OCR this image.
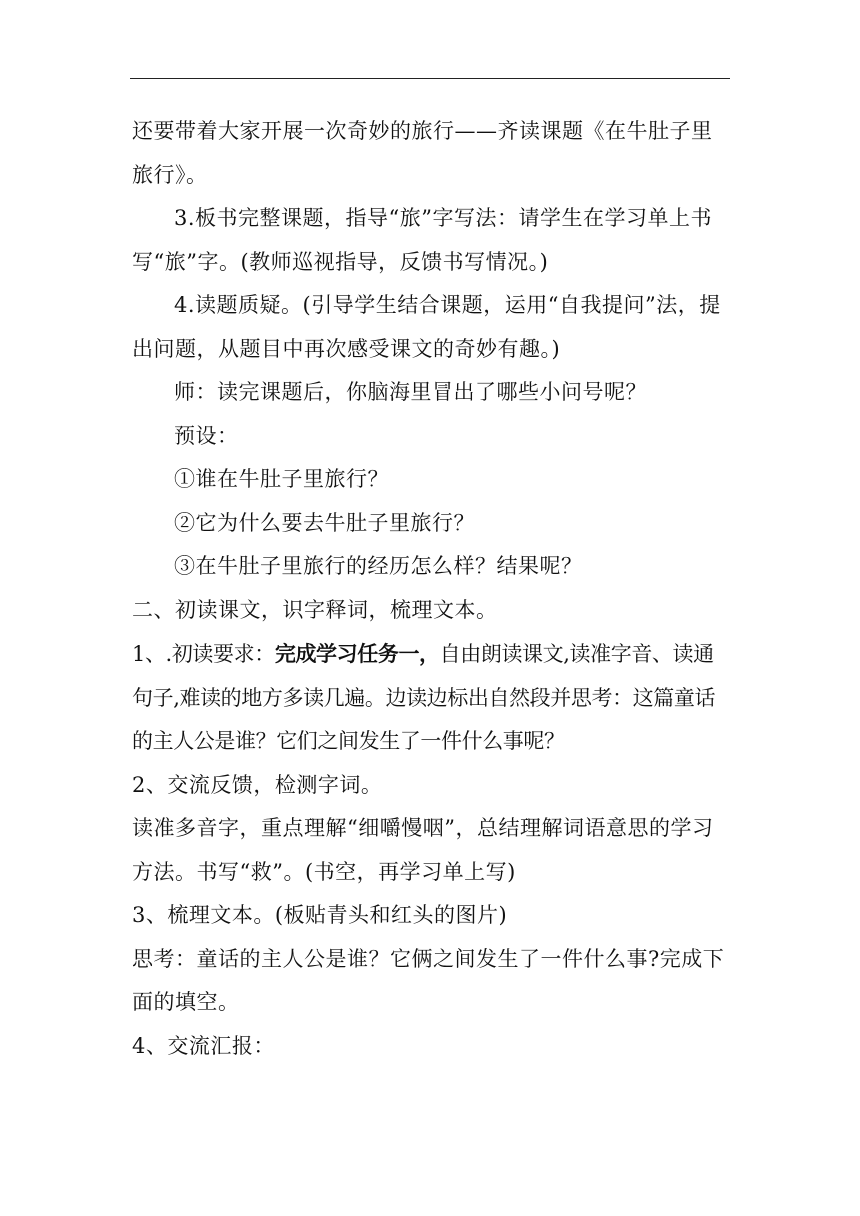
还要带着大家开展一次奇妙的旅行——齐读课题《在牛肚子里旅行》。

3.板书完整课题，指导“旅”字写法：请学生在学习单上书写“旅”字。(教师巡视指导，反馈书写情况。)

4.读题质疑。(引导学生结合课题，运用“自我提问”法，提出问题，从题目中再次感受课文的奇妙有趣。)

师：读完课题后，你脑海里冒出了哪些小问号呢？

预设：

①谁在牛肚子里旅行？

②它为什么要去牛肚子里旅行？

③在牛肚子里旅行的经历怎么样？结果呢？

二、初读课文，识字释词，梳理文本。

1、.初读要求：完成学习任务一，自由朗读课文,读准字音、读通句子,难读的地方多读几遍。边读边标出自然段并思考：这篇童话的主人公是谁？它们之间发生了一件什么事呢？

2、交流反馈，检测字词。

读准多音字，重点理解“细嚼慢咽”，总结理解词语意思的学习方法。书写“救”。(书空，再学习单上写)

3、梳理文本。(板贴青头和红头的图片)

思考：童话的主人公是谁？它俩之间发生了一件什么事?完成下面的填空。

4、交流汇报：
